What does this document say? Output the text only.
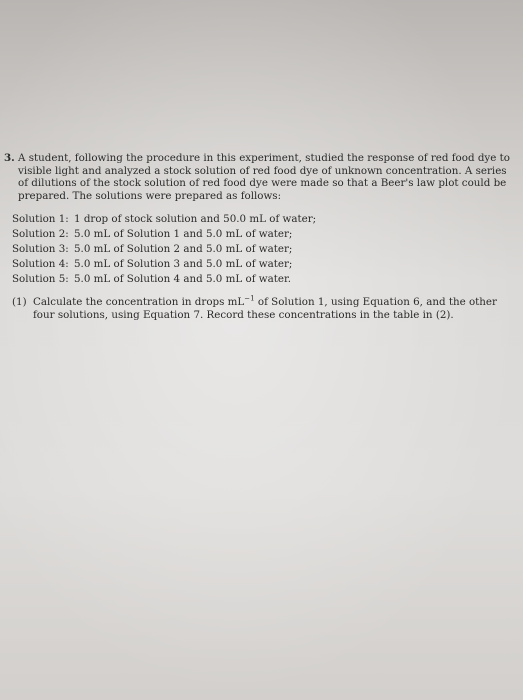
3. A student, following the procedure in this experiment, studied the response of red food dye to visible light and analyzed a stock solution of red food dye of unknown concentration. A series of dilutions of the stock solution of red food dye were made so that a Beer's law plot could be prepared. The solutions were prepared as follows:
Solution 1: 1 drop of stock solution and 50.0 mL of water;
Solution 2: 5.0 mL of Solution 1 and 5.0 mL of water;
Solution 3: 5.0 mL of Solution 2 and 5.0 mL of water;
Solution 4: 5.0 mL of Solution 3 and 5.0 mL of water;
Solution 5: 5.0 mL of Solution 4 and 5.0 mL of water.
(1) Calculate the concentration in drops $mL^{-1}$ of Solution 1, using Equation 6, and the other four solutions, using Equation 7. Record these concentrations in the table in (2).
